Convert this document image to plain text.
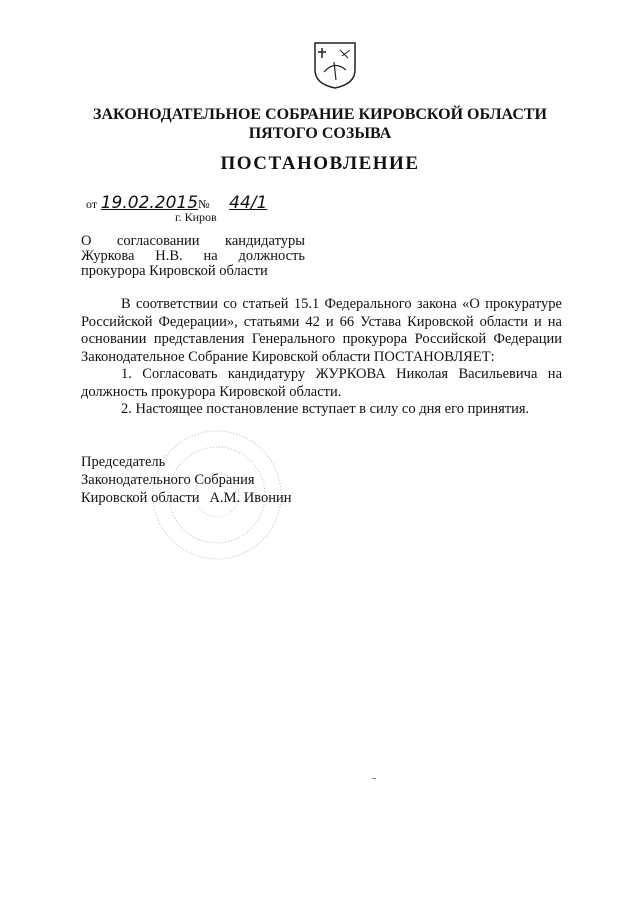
ЗАКОНОДАТЕЛЬНОЕ СОБРАНИЕ КИРОВСКОЙ ОБЛАСТИ
ПЯТОГО СОЗЫВА
ПОСТАНОВЛЕНИЕ
от 19.02.2015№ 44/1
г. Киров
О согласовании кандидатуры Журкова Н.В. на должность прокурора Кировской области

В соответствии со статьей 15.1 Федерального закона «О прокуратуре Российской Федерации», статьями 42 и 66 Устава Кировской области и на основании представления Генерального прокурора Российской Федерации Законодательное Собрание Кировской области ПОСТАНОВЛЯЕТ:

1. Согласовать кандидатуру ЖУРКОВА Николая Васильевича на должность прокурора Кировской области.

2. Настоящее постановление вступает в силу со дня его принятия.

Председатель
Законодательного Собрания
Кировской области А.М. Ивонин
